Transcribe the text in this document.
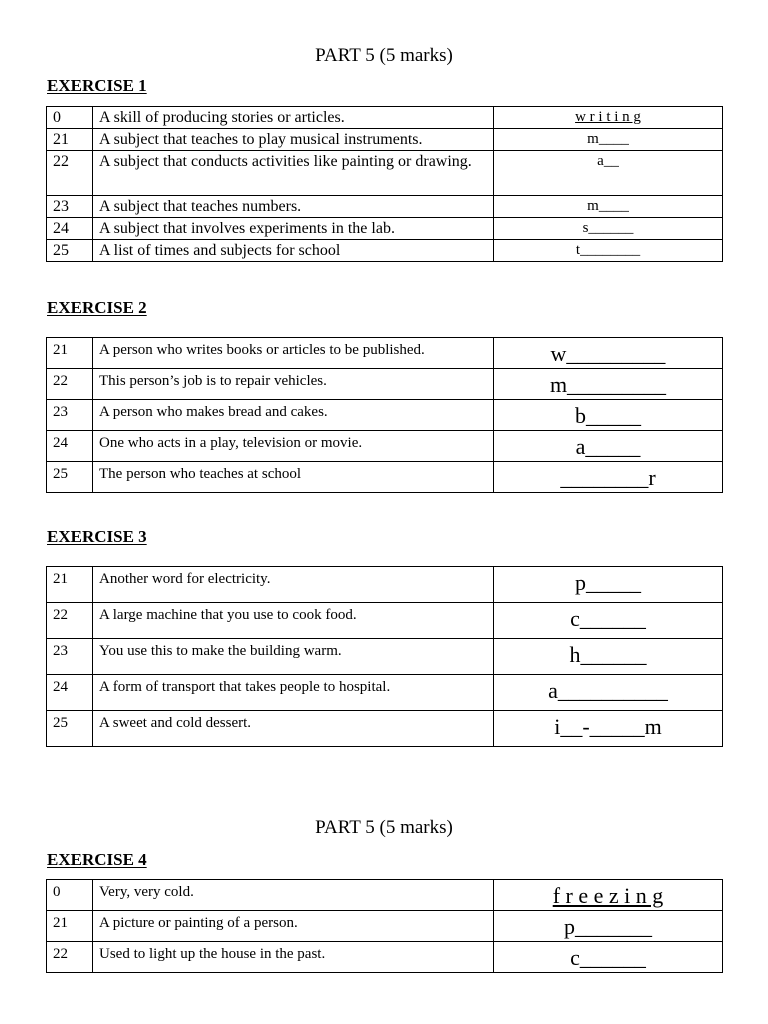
PART 5 (5 marks)
EXERCISE 1
0	A skill of producing stories or articles.	w r i t i n g
21	A subject that teaches to play musical instruments.	m____
22	A subject that conducts activities like painting or drawing.	a__
23	A subject that teaches numbers.	m____
24	A subject that involves experiments in the lab.	s______
25	A list of times and subjects for school	t________
EXERCISE 2
21	A person who writes books or articles to be published.	w_________
22	This person’s job is to repair vehicles.	m_________
23	A person who makes bread and cakes.	b_____
24	One who acts in a play, television or movie.	a_____
25	The person who teaches at school	________r
EXERCISE 3
21	Another word for electricity.	p_____
22	A large machine that you use to cook food.	c______
23	You use this to make the building warm.	h______
24	A form of transport that takes people to hospital.	a__________
25	A sweet and cold dessert.	i__-_____m
PART 5 (5 marks)
EXERCISE 4
0	Very, very cold.	f r e e z i n g
21	A picture or painting of a person.	p_______
22	Used to light up the house in the past.	c______
